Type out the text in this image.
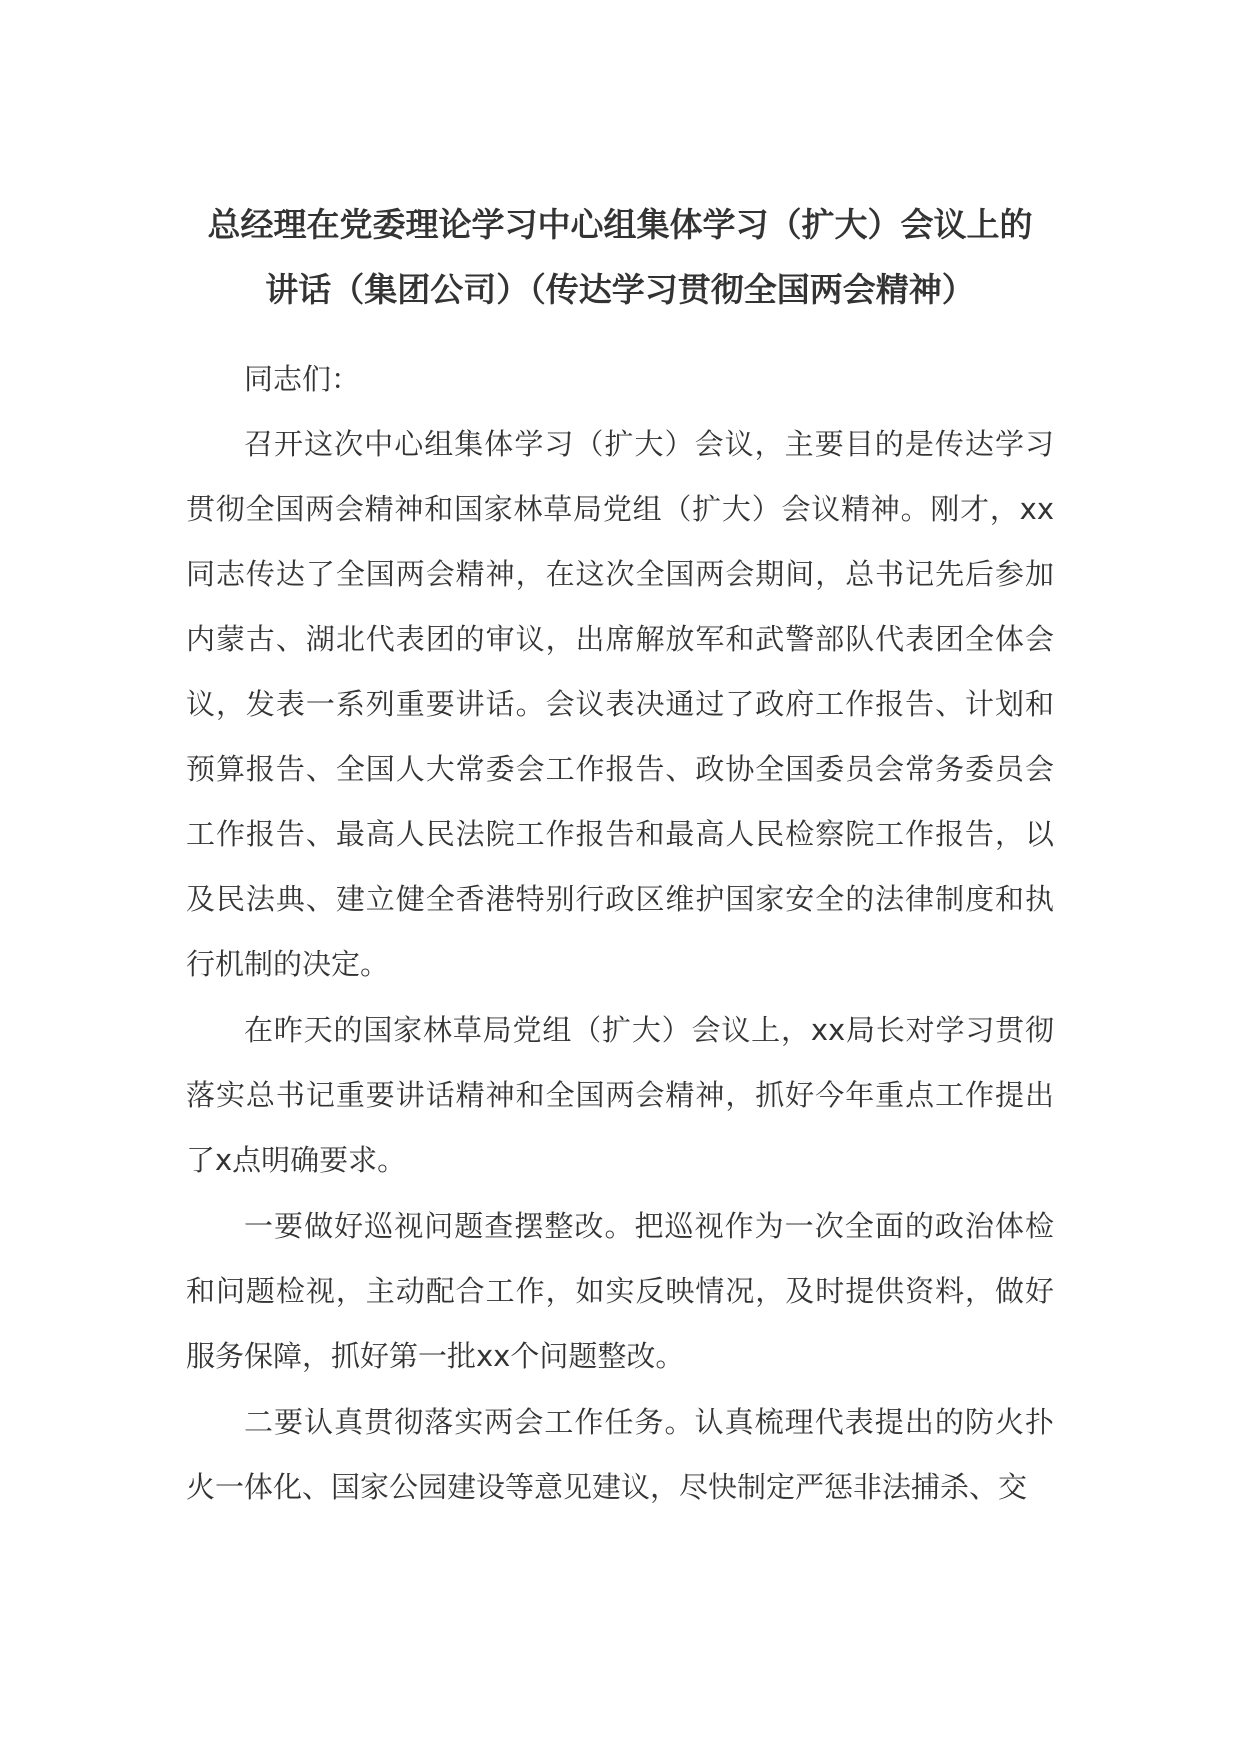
总经理在党委理论学习中心组集体学习（扩大）会议上的
讲话（集团公司）（传达学习贯彻全国两会精神）

同志们：

召开这次中心组集体学习（扩大）会议，主要目的是传达学习贯彻全国两会精神和国家林草局党组（扩大）会议精神。刚才，xx同志传达了全国两会精神，在这次全国两会期间，总书记先后参加内蒙古、湖北代表团的审议，出席解放军和武警部队代表团全体会议，发表一系列重要讲话。会议表决通过了政府工作报告、计划和预算报告、全国人大常委会工作报告、政协全国委员会常务委员会工作报告、最高人民法院工作报告和最高人民检察院工作报告，以及民法典、建立健全香港特别行政区维护国家安全的法律制度和执行机制的决定。

在昨天的国家林草局党组（扩大）会议上，xx局长对学习贯彻落实总书记重要讲话精神和全国两会精神，抓好今年重点工作提出了x点明确要求。

一要做好巡视问题查摆整改。把巡视作为一次全面的政治体检和问题检视，主动配合工作，如实反映情况，及时提供资料，做好服务保障，抓好第一批xx个问题整改。

二要认真贯彻落实两会工作任务。认真梳理代表提出的防火扑火一体化、国家公园建设等意见建议，尽快制定严惩非法捕杀、交
